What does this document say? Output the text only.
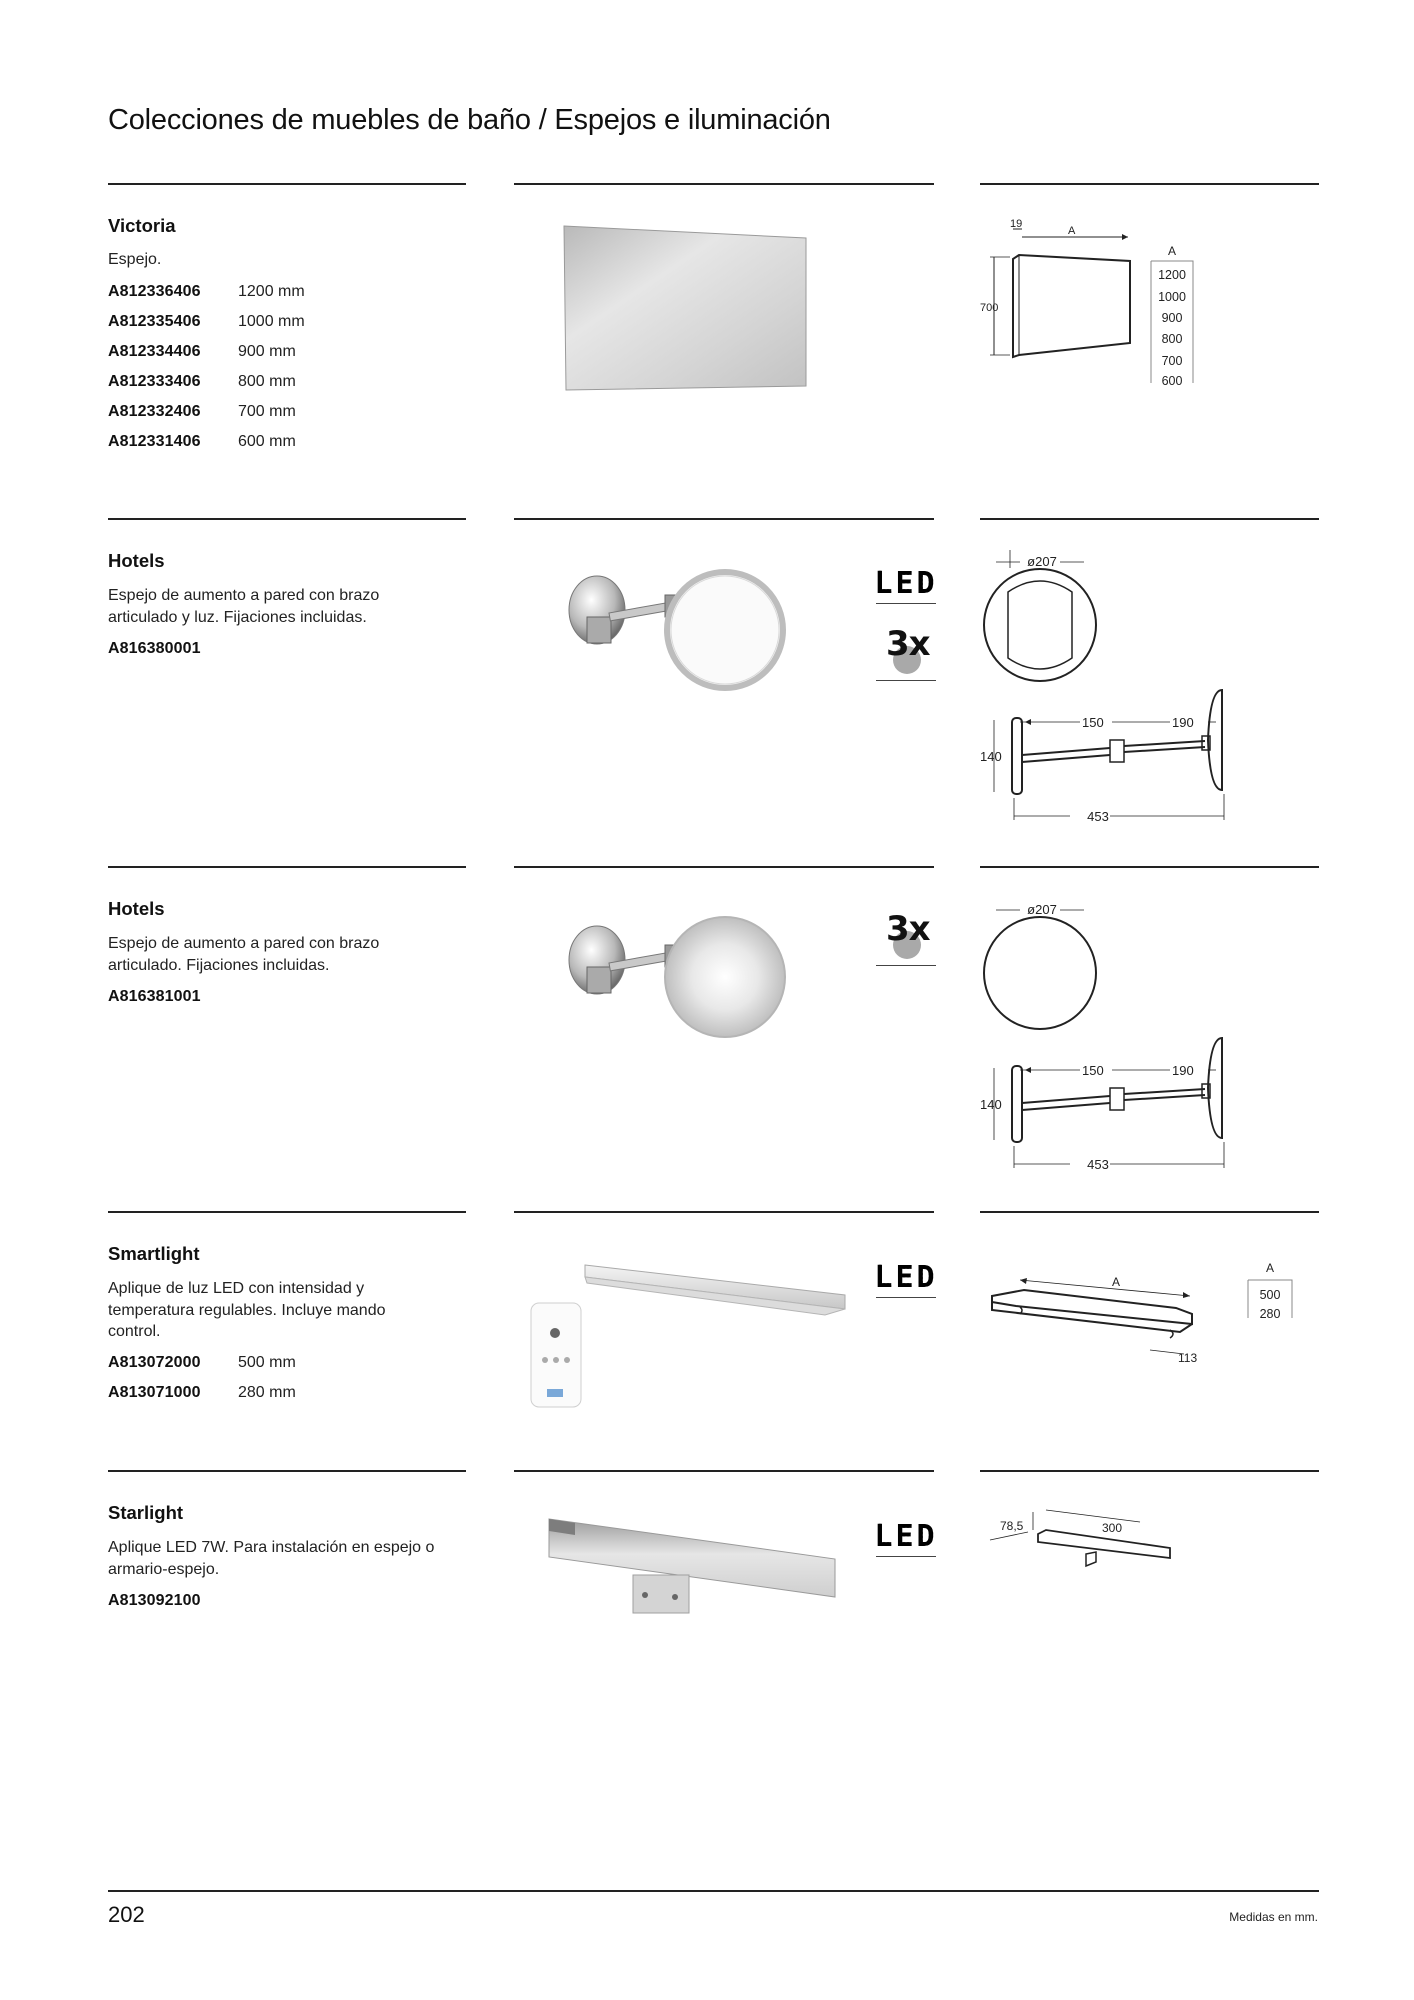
Colecciones de muebles de baño / Espejos e iluminación
Victoria
Espejo.
A812336406	1200 mm
A812335406	1000 mm
A812334406	900 mm
A812333406	800 mm
A812332406	700 mm
A812331406	600 mm
19
A
700
A
1200
1000
900
800
700
600
Hotels
Espejo de aumento a pared con brazo articulado y luz. Fijaciones incluidas.
A816380001
LED
3x
ø207
150	190
140
453
Hotels
Espejo de aumento a pared con brazo articulado. Fijaciones incluidas.
A816381001
3x	ø207
150	190
140
453
Smartlight
Aplique de luz LED con intensidad y temperatura regulables. Incluye mando control.
A813072000	500 mm
A813071000	280 mm
LED	A
113
A
500
280
Starlight
Aplique LED 7W. Para instalación en espejo o armario-espejo.
A813092100
LED	78,5	300
202	Medidas en mm.
